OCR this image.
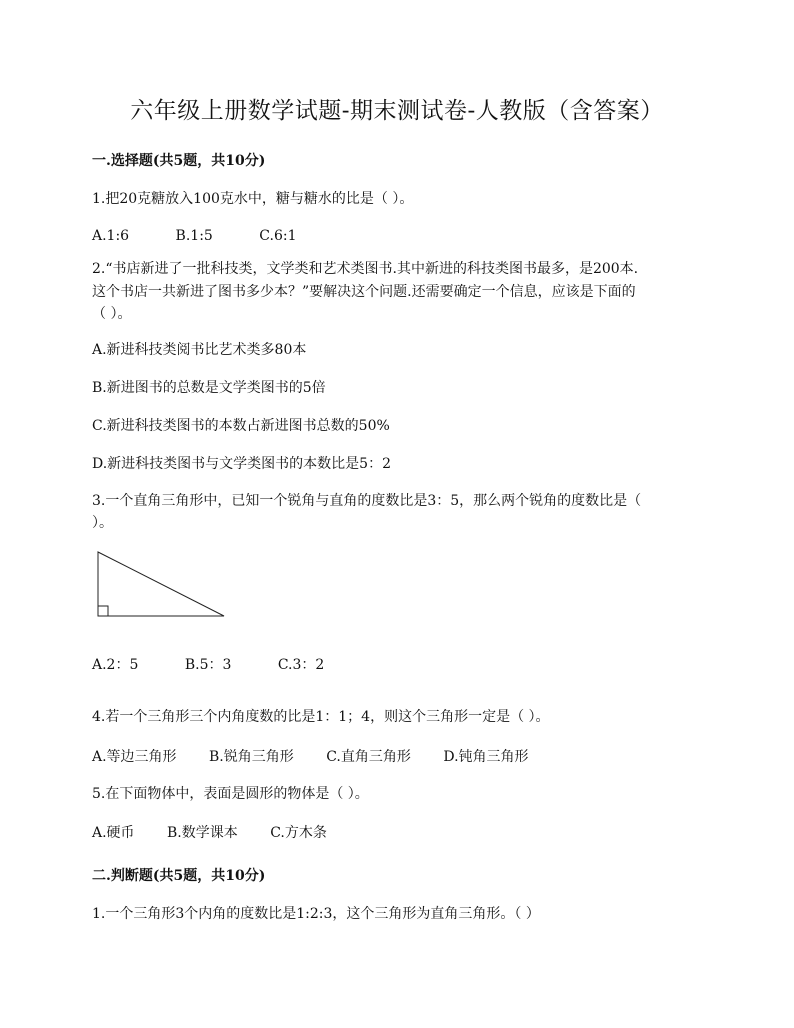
六年级上册数学试题-期末测试卷-人教版（含答案）
一.选择题(共5题，共10分)
1.把20克糖放入100克水中，糖与糖水的比是（ ）。
A.1:6	B.1:5	C.6:1
2.“书店新进了一批科技类，文学类和艺术类图书.其中新进的科技类图书最多，是200本.
这个书店一共新进了图书多少本？”要解决这个问题.还需要确定一个信息，应该是下面的
（ ）。
A.新进科技类阅书比艺术类多80本
B.新进图书的总数是文学类图书的5倍
C.新进科技类图书的本数占新进图书总数的50%
D.新进科技类图书与文学类图书的本数比是5：2
3.一个直角三角形中，已知一个锐角与直角的度数比是3：5，那么两个锐角的度数比是（
）。
A.2：5	B.5：3	C.3：2
4.若一个三角形三个内角度数的比是1：1；4，则这个三角形一定是（ ）。
A.等边三角形 B.锐角三角形 C.直角三角形 D.钝角三角形
5.在下面物体中，表面是圆形的物体是（ ）。
A.硬币 B.数学课本 C.方木条
二.判断题(共5题，共10分)
1.一个三角形3个内角的度数比是1:2:3，这个三角形为直角三角形。（ ）
